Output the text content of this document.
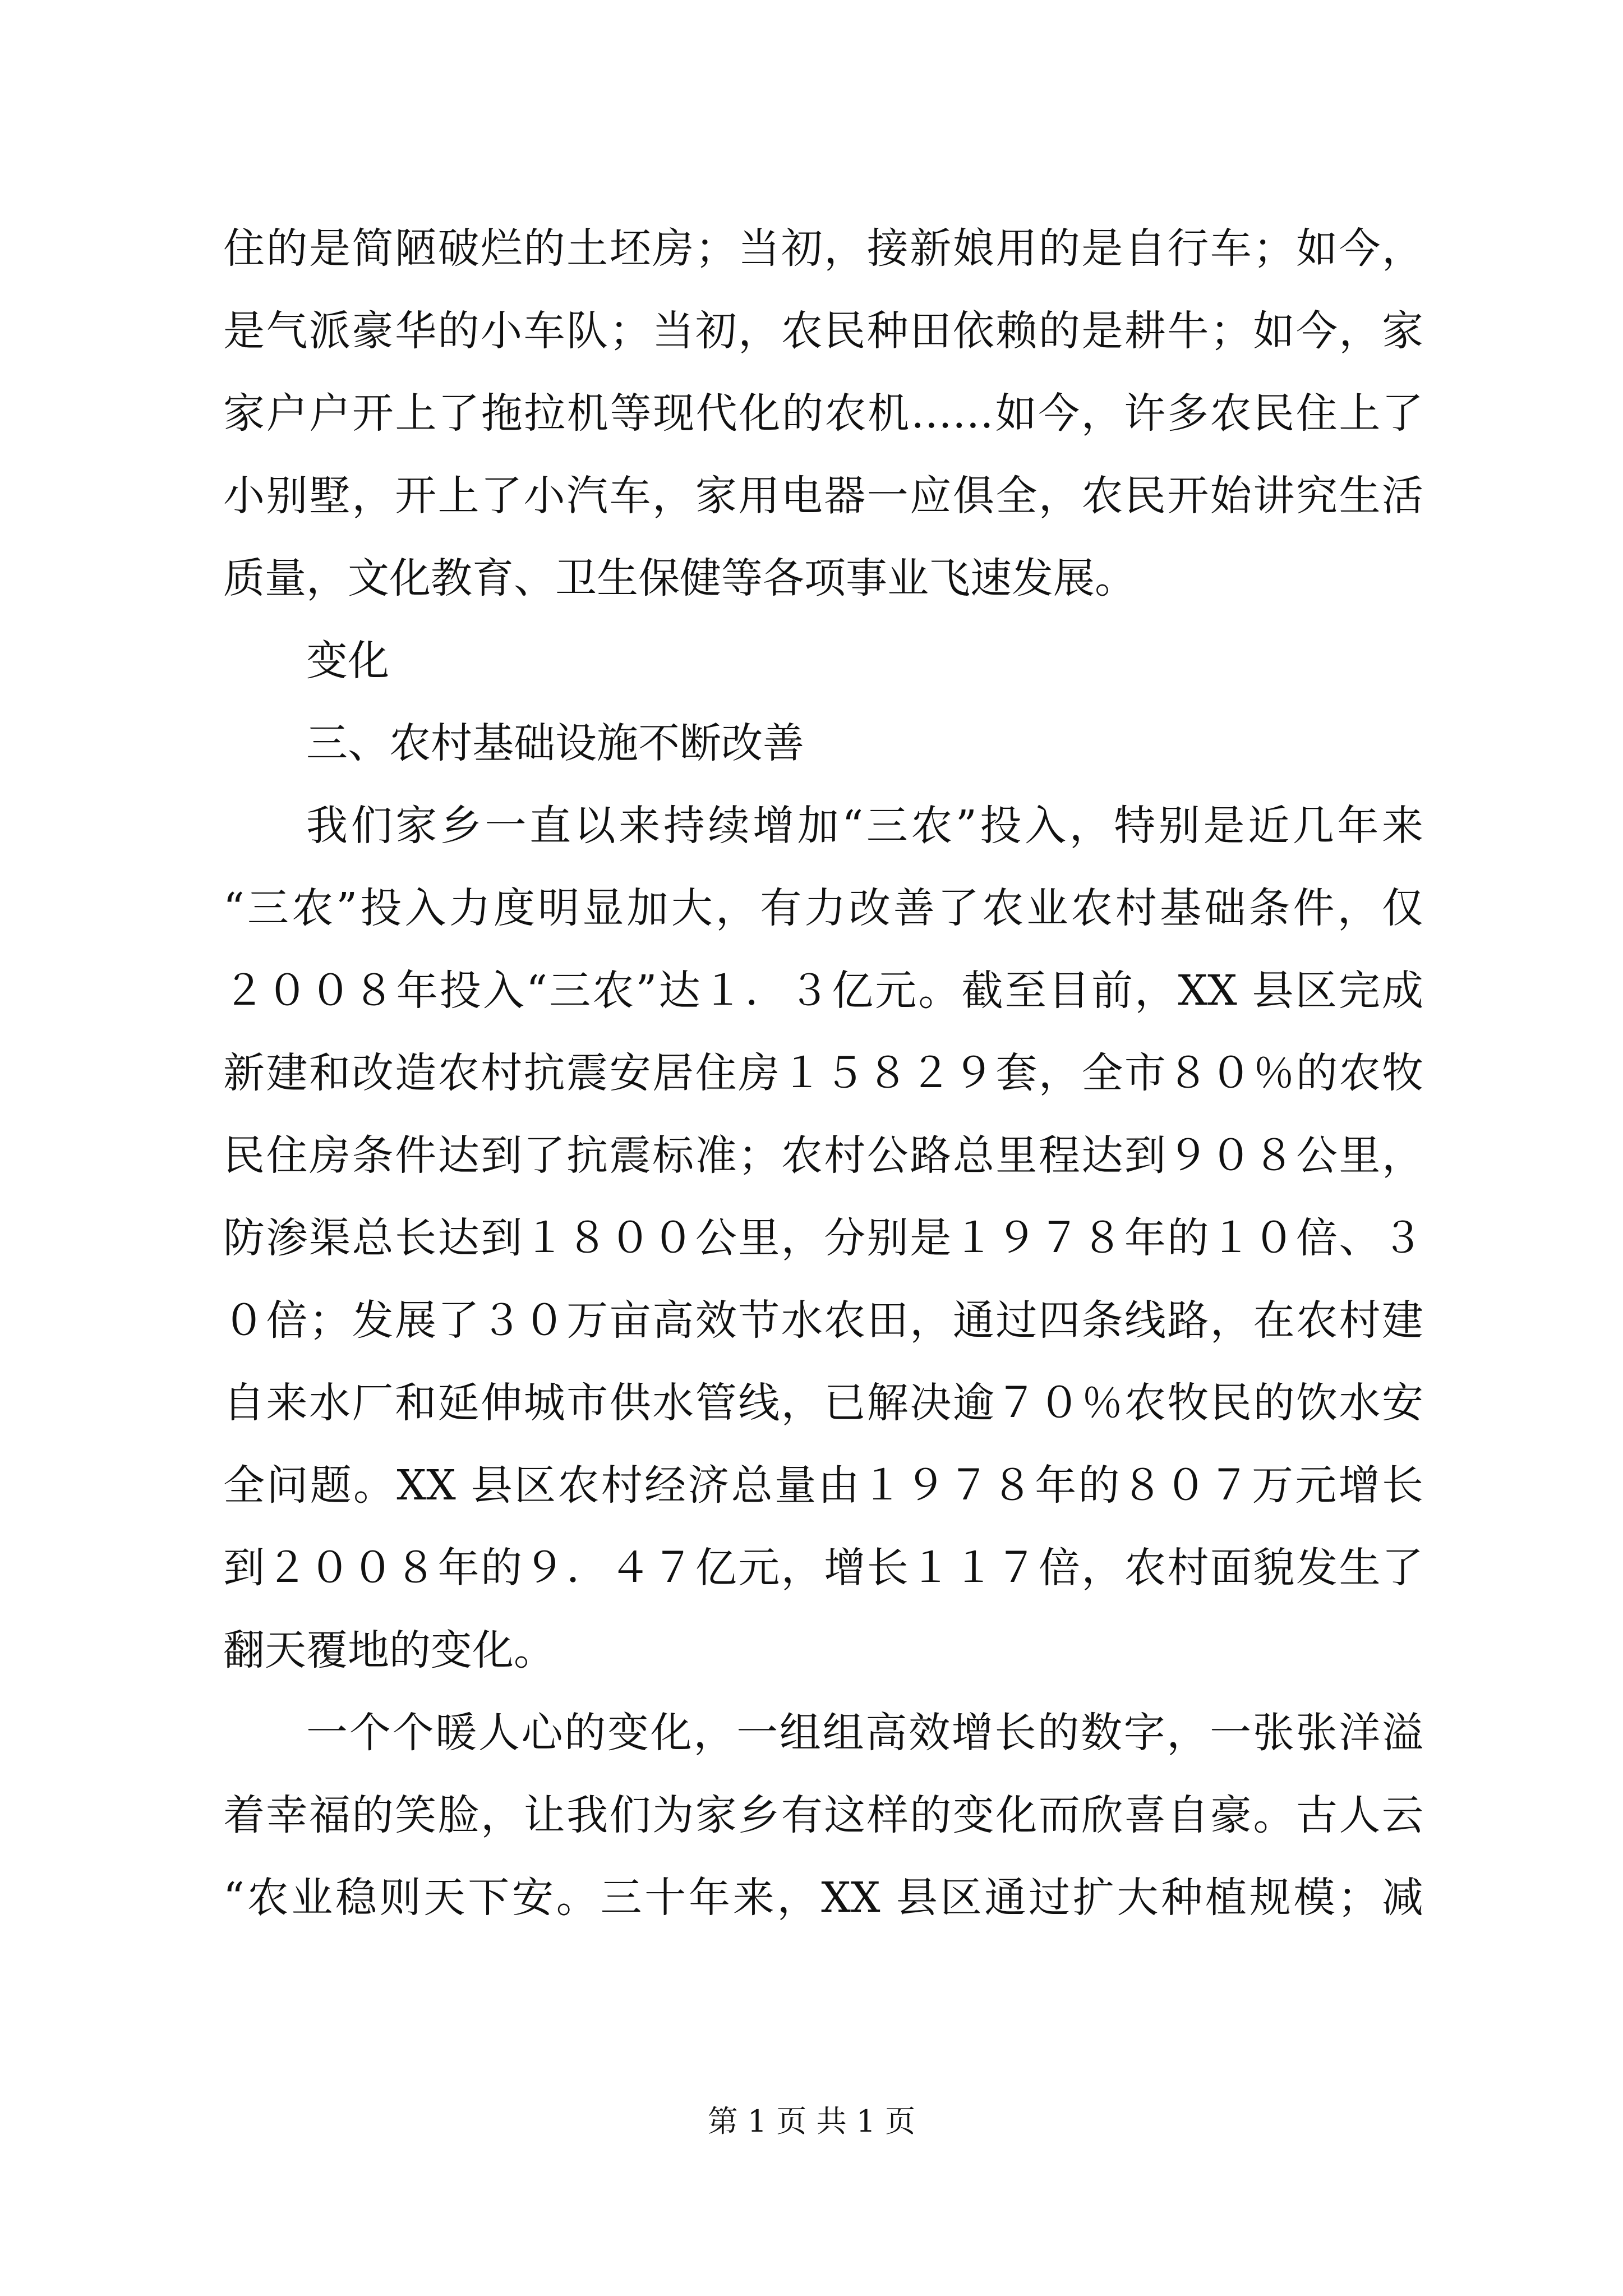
住的是简陋破烂的土坯房；当初，接新娘用的是自行车；如今，
是气派豪华的小车队；当初，农民种田依赖的是耕牛；如今，家
家户户开上了拖拉机等现代化的农机……如今，许多农民住上了
小别墅，开上了小汽车，家用电器一应俱全，农民开始讲究生活
质量，文化教育、卫生保健等各项事业飞速发展。
变化
三、农村基础设施不断改善
我们家乡一直以来持续增加“三农”投入，特别是近几年来
“三农”投入力度明显加大，有力改善了农业农村基础条件，仅
２００８年投入“三农”达１．３亿元。截至目前，XX 县区完成
新建和改造农村抗震安居住房１５８２９套，全市８０％的农牧
民住房条件达到了抗震标准；农村公路总里程达到９０８公里，
防渗渠总长达到１８００公里，分别是１９７８年的１０倍、３
０倍；发展了３０万亩高效节水农田，通过四条线路，在农村建
自来水厂和延伸城市供水管线，已解决逾７０％农牧民的饮水安
全问题。XX 县区农村经济总量由１９７８年的８０７万元增长
到２００８年的９．４７亿元，增长１１７倍，农村面貌发生了
翻天覆地的变化。
一个个暖人心的变化，一组组高效增长的数字，一张张洋溢
着幸福的笑脸，让我们为家乡有这样的变化而欣喜自豪。古人云
“农业稳则天下安。三十年来，XX 县区通过扩大种植规模；减
第 1 页 共 1 页
